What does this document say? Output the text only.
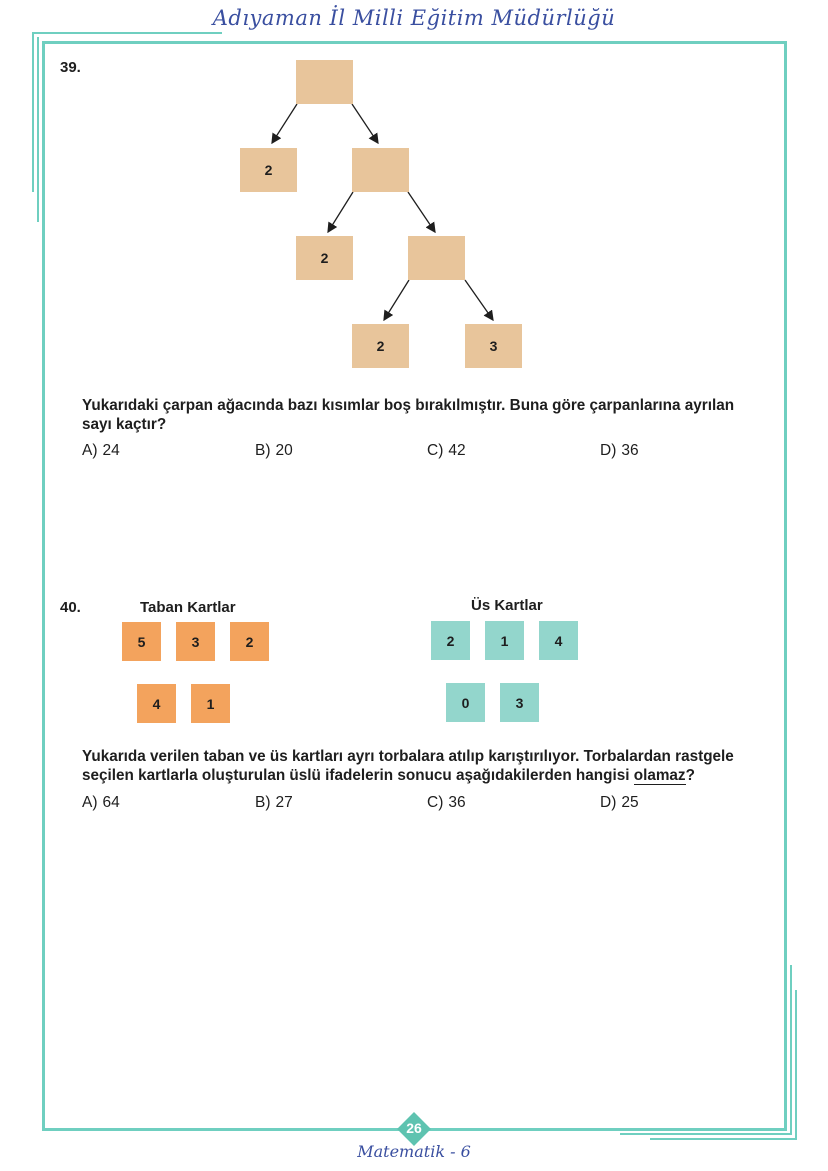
Adıyaman İl Milli Eğitim Müdürlüğü
39.
2
2
2	3
Yukarıdaki çarpan ağacında bazı kısımlar boş bırakılmıştır. Buna göre çarpanlarına ayrılan
sayı kaçtır?
A) 24	B) 20	C) 42	D) 36
40.	Taban Kartlar	Üs Kartlar
5	3	2
4	1
2	1	4
0	3
Yukarıda verilen taban ve üs kartları ayrı torbalara atılıp karıştırılıyor. Torbalardan rastgele
seçilen kartlarla oluşturulan üslü ifadelerin sonucu aşağıdakilerden hangisi olamaz?
A) 64	B) 27	C) 36	D) 25
26
Matematik - 6
